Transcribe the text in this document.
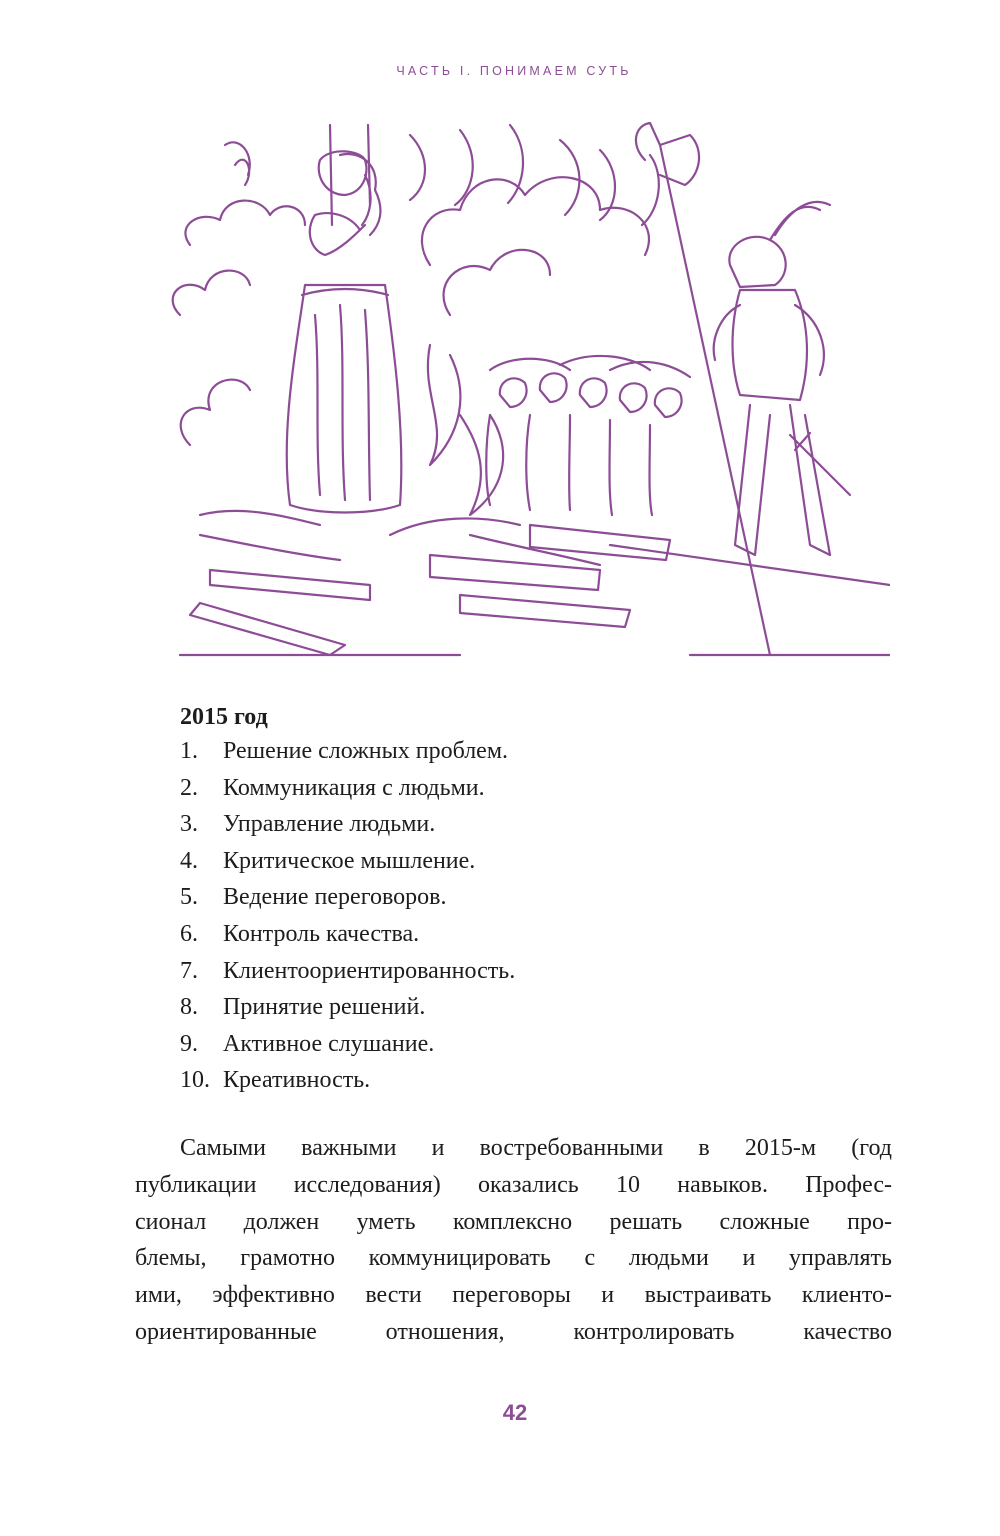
ЧАСТЬ I. ПОНИМАЕМ СУТЬ
2015 год
1.	Решение сложных проблем.
2.	Коммуникация с людьми.
3.	Управление людьми.
4.	Критическое мышление.
5.	Ведение переговоров.
6.	Контроль качества.
7.	Клиентоориентированность.
8.	Принятие решений.
9.	Активное слушание.
10. Креативность.
Самыми важными и востребованными в 2015-м (год
публикации исследования) оказались 10 навыков. Профес-
сионал должен уметь комплексно решать сложные про-
блемы, грамотно коммуницировать с людьми и управлять
ими, эффективно вести переговоры и выстраивать клиенто-
ориентированные отношения, контролировать качество
42
